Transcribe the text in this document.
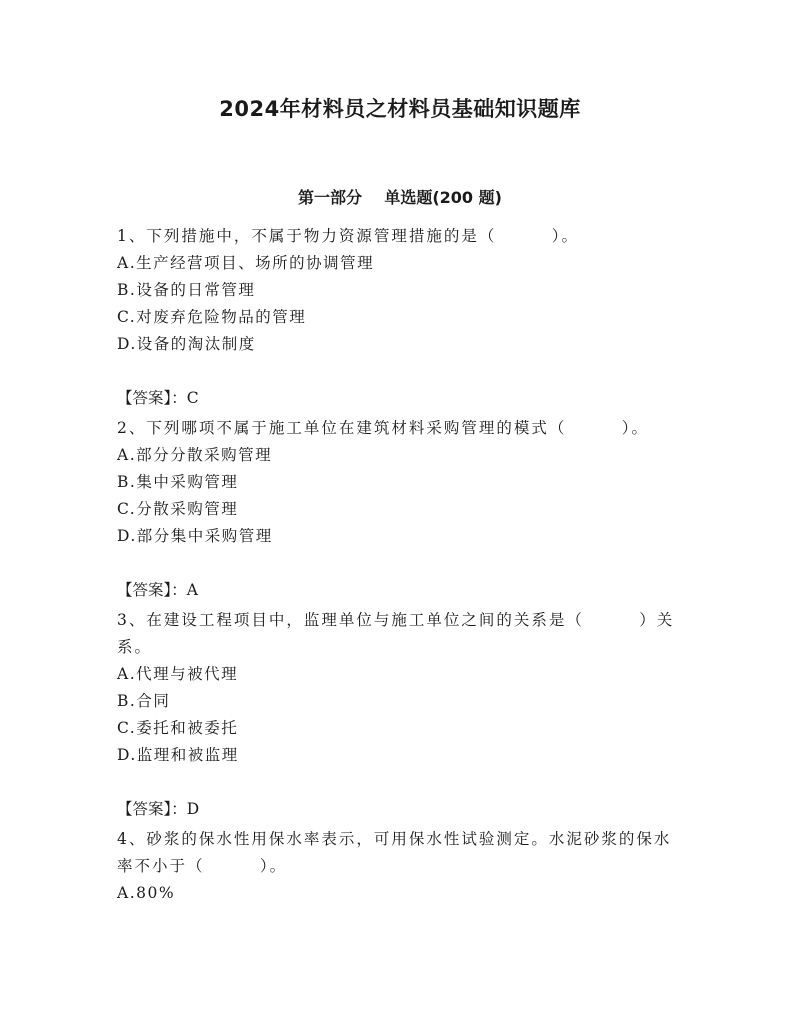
2024年材料员之材料员基础知识题库
第一部分    单选题(200 题)

1、下列措施中，不属于物力资源管理措施的是（        ）。

A.生产经营项目、场所的协调管理

B.设备的日常管理

C.对废弃危险物品的管理

D.设备的淘汰制度

【答案】：C

2、下列哪项不属于施工单位在建筑材料采购管理的模式（        ）。

A.部分分散采购管理

B.集中采购管理

C.分散采购管理

D.部分集中采购管理

【答案】：A

3、在建设工程项目中，监理单位与施工单位之间的关系是（        ）关系。

A.代理与被代理

B.合同

C.委托和被委托

D.监理和被监理

【答案】：D

4、砂浆的保水性用保水率表示，可用保水性试验测定。水泥砂浆的保水率不小于（        ）。

A.80%
